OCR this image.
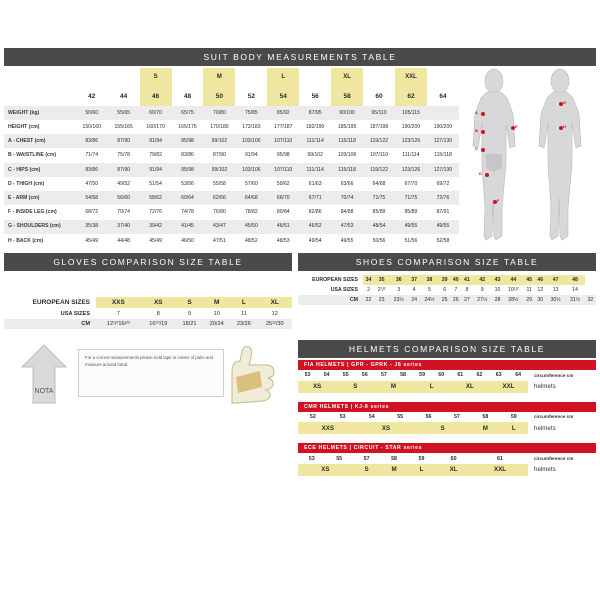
SUIT BODY MEASUREMENTS TABLE
			S		M		L		XL		XXL	
	42	44	46	48	50	52	54	56	58	60	62	64
WEIGHT (kg)	50/60	55/65	60/70	65/75	70/80	75/85	85/92	87/95	90/100	95/110	105/115	
HEIGHT (cm)	150/160	155/165	160/170	165/175	170/180	173/183	177/187	182/190	185/195	187/198	190/200	190/200
A - CHEST (cm)	83/86	87/90	91/94	95/98	99/102	103/106	107/110	111/114	115/118	119/122	123/126	127/130
B - WAISTLINE (cm)	71/74	75/78	79/82	83/86	87/90	91/94	95/98	99/102	103/106	107/110	111/114	115/118
C - HIPS (cm)	83/86	87/90	91/94	95/98	99/102	103/106	107/110	111/114	115/118	119/122	123/126	127/130
D - THIGH (cm)	47/50	49/52	51/54	53/56	55/58	57/60	59/62	61/63	63/66	64/68	67/70	69/72
E - ARM (cm)	54/58	56/60	58/62	60/64	62/66	64/68	66/70	67/71	70/74	71/75	71/75	72/76
F - INSIDE LEG (cm)	68/72	70/74	72/76	74/78	76/80	78/82	80/84	82/86	84/88	85/89	85/89	87/91
G - SHOULDERS (cm)	35/38	37/40	39/42	41/45	43/47	45/50	46/51	46/52	47/53	48/54	49/55	49/55
H - BACK (cm)	45/49	44/48	45/49	46/50	47/51	48/52	48/53	49/54	49/55	50/56	51/56	52/58
A
B
C
D
E
F
G
H
GLOVES COMPARISON SIZE TABLE
EUROPEAN SIZES	XXS	XS	S	M	L	XL
USA SIZES	7	8	9	10	11	12
CM	12¹/²16/²³	16¹⁰/19	18/21	20/24	23/26	25¹²/30
NOTA
For a correct measurements please hold tape in center of palm and measure around hand.
SHOES COMPARISON SIZE TABLE
EUROPEAN SIZES	34	35	36	37	38	39	40	41	42	43	44	45	46	47	48	
USA SIZES	2	2¹/²	3	4	5	6	7	8	9	10	10¹/²	11	12	13	14	
CM	22	23	23½	24	24½	25	26	27	27½	28	28½	29	30	30½	31½	32
HELMETS COMPARISON SIZE TABLE
FIA HELMETS | GPR - GPRK - J8 series
53	54	55	56	57	58	59	60	61	62	63	64	circumference cm
XS		S		M		L		XL		XXL		helmets
CMR HELMETS | KJ-8 series
52	53	54	55	56	57	58	59	circumference cm
XXS		XS		S		M	L	helmets
ECE HELMETS | CIRCUIT - STAR series
53	55	57	58	59	60	61	circumference cm
XS		S	M	L	XL	XXL	helmets
